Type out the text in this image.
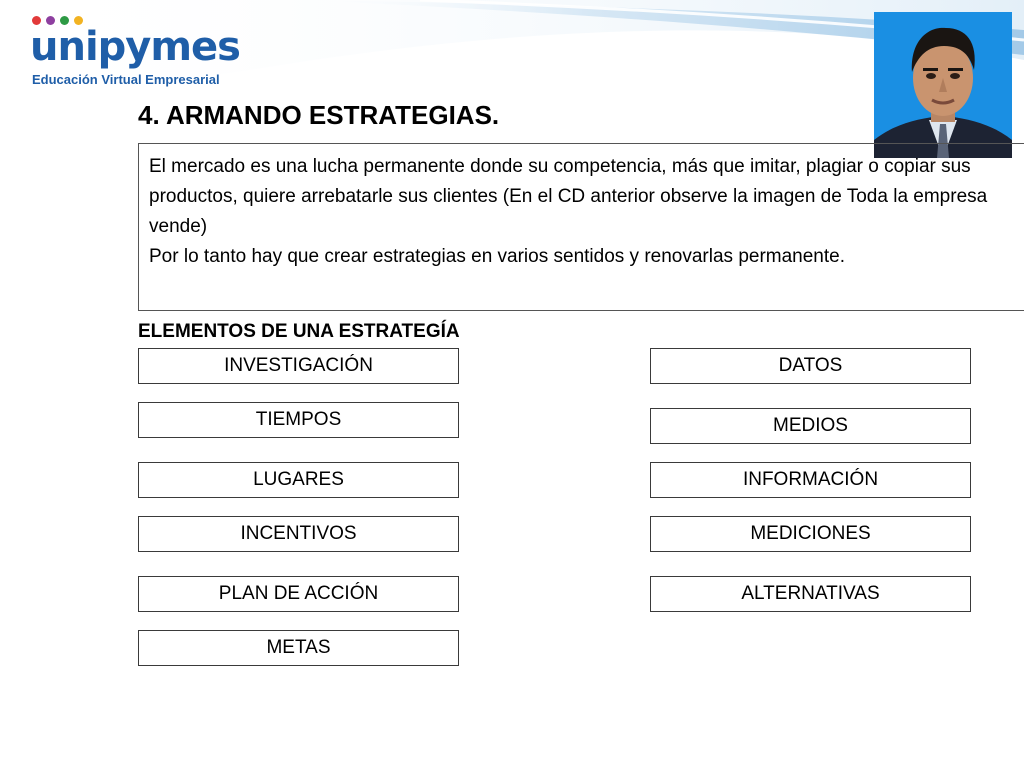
unipymes
Educación Virtual Empresarial
4. ARMANDO ESTRATEGIAS.

El mercado es una lucha permanente donde su competencia, más que imitar, plagiar o copiar sus productos, quiere arrebatarle sus clientes (En el CD anterior observe la imagen de Toda la empresa vende)

Por lo tanto hay que crear estrategias en varios sentidos y renovarlas permanente.

ELEMENTOS DE UNA ESTRATEGÍA
INVESTIGACIÓN
TIEMPOS
LUGARES
INCENTIVOS
PLAN DE ACCIÓN
METAS
DATOS
MEDIOS
INFORMACIÓN
MEDICIONES
ALTERNATIVAS
